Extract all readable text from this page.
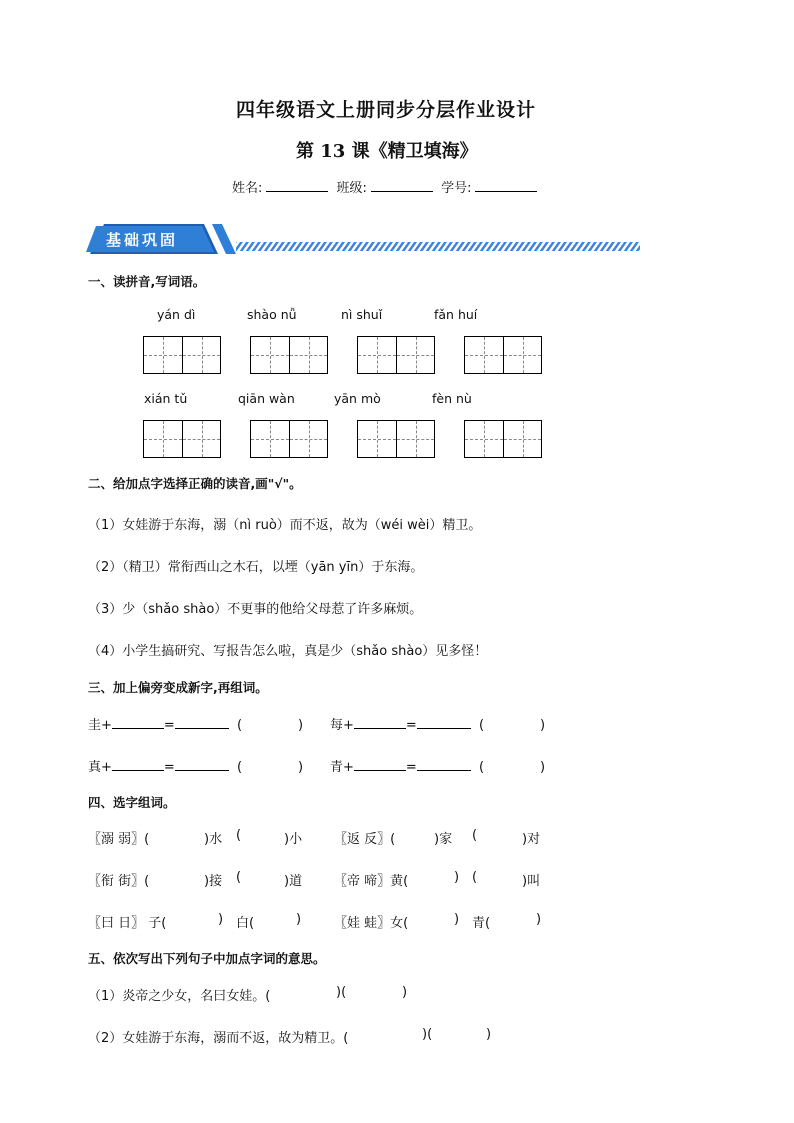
四年级语文上册同步分层作业设计
第 13 课《精卫填海》
姓名:	班级:	学号:
基础巩固
一、读拼音,写词语。
yán dì	shào nǚ	nì shuǐ	fǎn huí
xián tǔ	qiān wàn	yān mò	fèn nù
二、给加点字选择正确的读音,画"√"。
（1）女娃游于东海，溺（nì ruò）而不返，故为（wéi wèi）精卫。
（2）（精卫）常衔西山之木石，以堙（yān yīn）于东海。
（3）少（shǎo shào）不更事的他给父母惹了许多麻烦。
（4）小学生搞研究、写报告怎么啦，真是少（shǎo shào）见多怪！
三、加上偏旁变成新字,再组词。
圭+	=	(	) 每+	=	(	)
真+	=	(	) 青+	=	(	)
四、选字组词。
〖溺 弱〗(	)水 (	)小 〖返 反〗(	)家 (	)对
〖衔 街〗(	)接 (	)道 〖帝 啼〗黄(	) (	)叫
〖曰 日〗 子(	) 白(	)	〖娃 蛙〗女(	) 青(	)
五、依次写出下列句子中加点字词的意思。
（1）炎帝之少女，名曰女娃。(	)(	)
（2）女娃游于东海，溺而不返，故为精卫。(	)(	)
